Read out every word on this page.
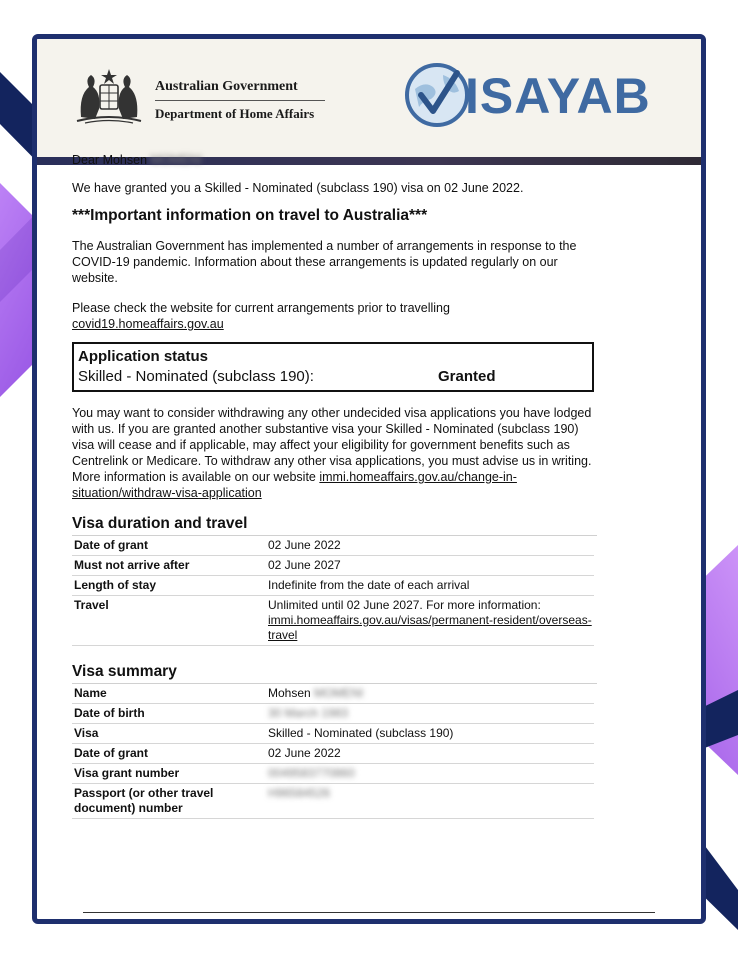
Australian Government
Department of Home Affairs	ISAYAB

Dear Mohsen MOMENI

We have granted you a Skilled - Nominated (subclass 190) visa on 02 June 2022.

***Important information on travel to Australia***

The Australian Government has implemented a number of arrangements in response to the COVID-19 pandemic. Information about these arrangements is updated regularly on our website.

Please check the website for current arrangements prior to travelling

covid19.homeaffairs.gov.au

Application status
Skilled - Nominated (subclass 190):	Granted

You may want to consider withdrawing any other undecided visa applications you have lodged with us. If you are granted another substantive visa your Skilled - Nominated (subclass 190) visa will cease and if applicable, may affect your eligibility for government benefits such as Centrelink or Medicare. To withdraw any other visa applications, you must advise us in writing. More information is available on our website immi.homeaffairs.gov.au/change-in-situation/withdraw-visa-application

Visa duration and travel
Date of grant	02 June 2022
Must not arrive after	02 June 2027
Length of stay	Indefinite from the date of each arrival
Travel	Unlimited until 02 June 2027. For more information:
immi.homeaffairs.gov.au/visas/permanent-resident/overseas-travel
Visa summary
Name	Mohsen MOMENI
Date of birth	30 March 1983
Visa	Skilled - Nominated (subclass 190)
Date of grant	02 June 2022
Visa grant number	0049583770860
Passport (or other travel document) number	H96584526
